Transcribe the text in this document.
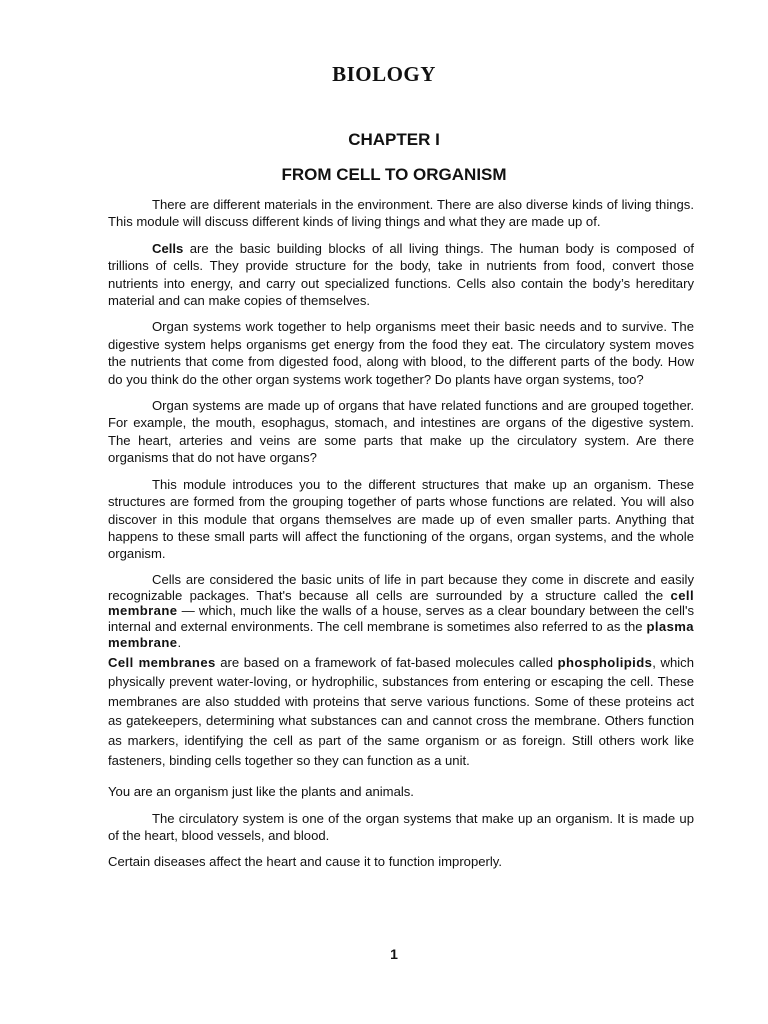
BIOLOGY
CHAPTER I
FROM CELL TO ORGANISM

There are different materials in the environment. There are also diverse kinds of living things. This module will discuss different kinds of living things and what they are made up of.

Cells are the basic building blocks of all living things. The human body is composed of trillions of cells. They provide structure for the body, take in nutrients from food, convert those nutrients into energy, and carry out specialized functions. Cells also contain the body’s hereditary material and can make copies of themselves.

Organ systems work together to help organisms meet their basic needs and to survive. The digestive system helps organisms get energy from the food they eat. The circulatory system moves the nutrients that come from digested food, along with blood, to the different parts of the body. How do you think do the other organ systems work together? Do plants have organ systems, too?

Organ systems are made up of organs that have related functions and are grouped together. For example, the mouth, esophagus, stomach, and intestines are organs of the digestive system. The heart, arteries and veins are some parts that make up the circulatory system. Are there organisms that do not have organs?

This module introduces you to the different structures that make up an organism. These structures are formed from the grouping together of parts whose functions are related. You will also discover in this module that organs themselves are made up of even smaller parts. Anything that happens to these small parts will affect the functioning of the organs, organ systems, and the whole organism.

Cells are considered the basic units of life in part because they come in discrete and easily recognizable packages. That's because all cells are surrounded by a structure called the cell membrane — which, much like the walls of a house, serves as a clear boundary between the cell's internal and external environments. The cell membrane is sometimes also referred to as the plasma membrane.

Cell membranes are based on a framework of fat-based molecules called phospholipids, which physically prevent water-loving, or hydrophilic, substances from entering or escaping the cell. These membranes are also studded with proteins that serve various functions. Some of these proteins act as gatekeepers, determining what substances can and cannot cross the membrane. Others function as markers, identifying the cell as part of the same organism or as foreign. Still others work like fasteners, binding cells together so they can function as a unit.

You are an organism just like the plants and animals.

The circulatory system is one of the organ systems that make up an organism. It is made up of the heart, blood vessels, and blood.

Certain diseases affect the heart and cause it to function improperly.

1
